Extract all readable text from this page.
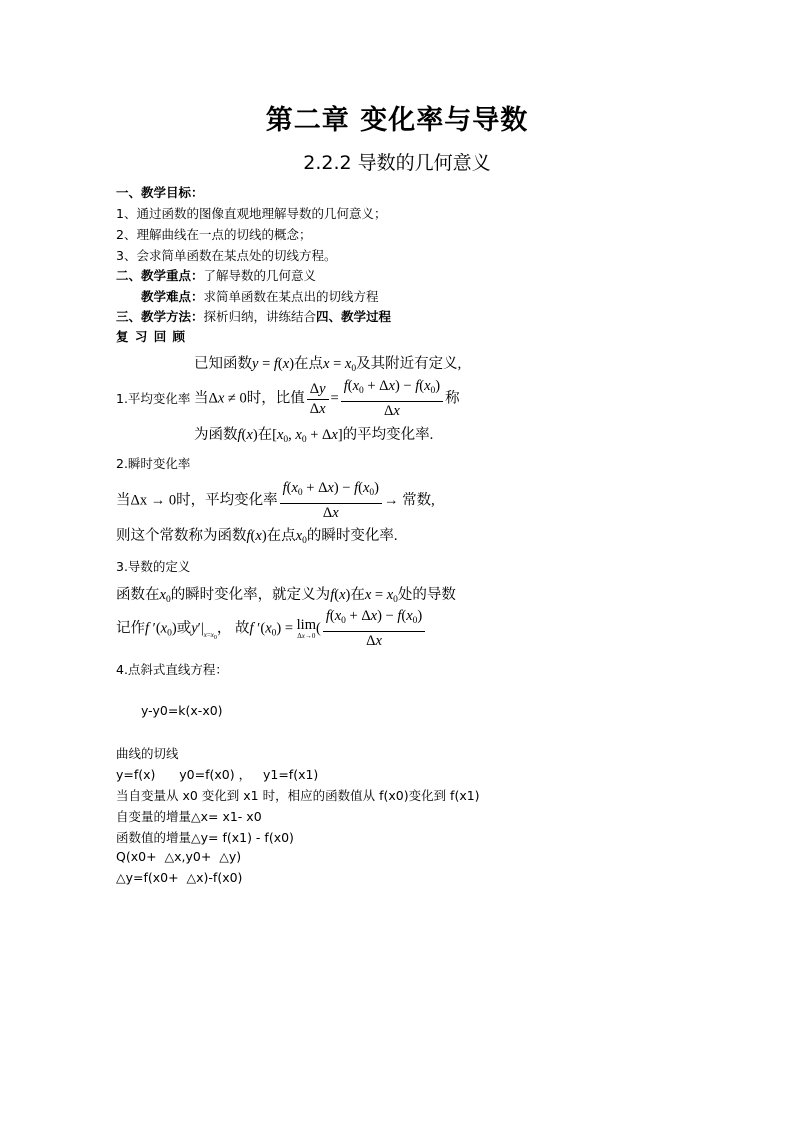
第二章 变化率与导数
2.2.2 导数的几何意义
一、教学目标：
1、通过函数的图像直观地理解导数的几何意义；
2、理解曲线在一点的切线的概念；
3、会求简单函数在某点处的切线方程。
二、教学重点：了解导数的几何意义
教学难点：求简单函数在某点出的切线方程
三、教学方法：探析归纳，讲练结合四、教学过程
复 习 回 顾
已知函数y = f(x)在点$x = x_0$及其附近有定义,
1.平均变化率 当Δx ≠ 0时，比值 $\frac{\Delta y}{\Delta x} = \frac{f(x_0 + \Delta x) - f(x_0)}{\Delta x}$ 称
为函数f(x)在[$x_0$, $x_0 + \Delta x$]的平均变化率.
2.瞬时变化率
当Δx → 0时，平均变化率 $\frac{f(x_0 + \Delta x) - f(x_0)}{\Delta x}$ → 常数,
则这个常数称为函数f(x)在点$x_0$的瞬时变化率.
3.导数的定义
函数在$x_0$的瞬时变化率，就定义为f(x)在$x = x_0$处的导数
记作f $'(x_0)$或$y'|_{x=x_0}$， 故f $'(x_0) = \lim$
Δx→0 ( $\frac{f(x_0 + \Delta x) - f(x_0)}{\Delta x}$
4.点斜式直线方程：
y-y0=k(x-x0)
曲线的切线
y=f(x)      y0=f(x0) ，   y1=f(x1)
当自变量从 x0 变化到 x1 时，相应的函数值从 f(x0)变化到 f(x1)
自变量的增量△x= x1- x0
函数值的增量△y= f(x1) - f(x0)
Q(x0+  △x,y0+  △y)
△y=f(x0+  △x)-f(x0)
